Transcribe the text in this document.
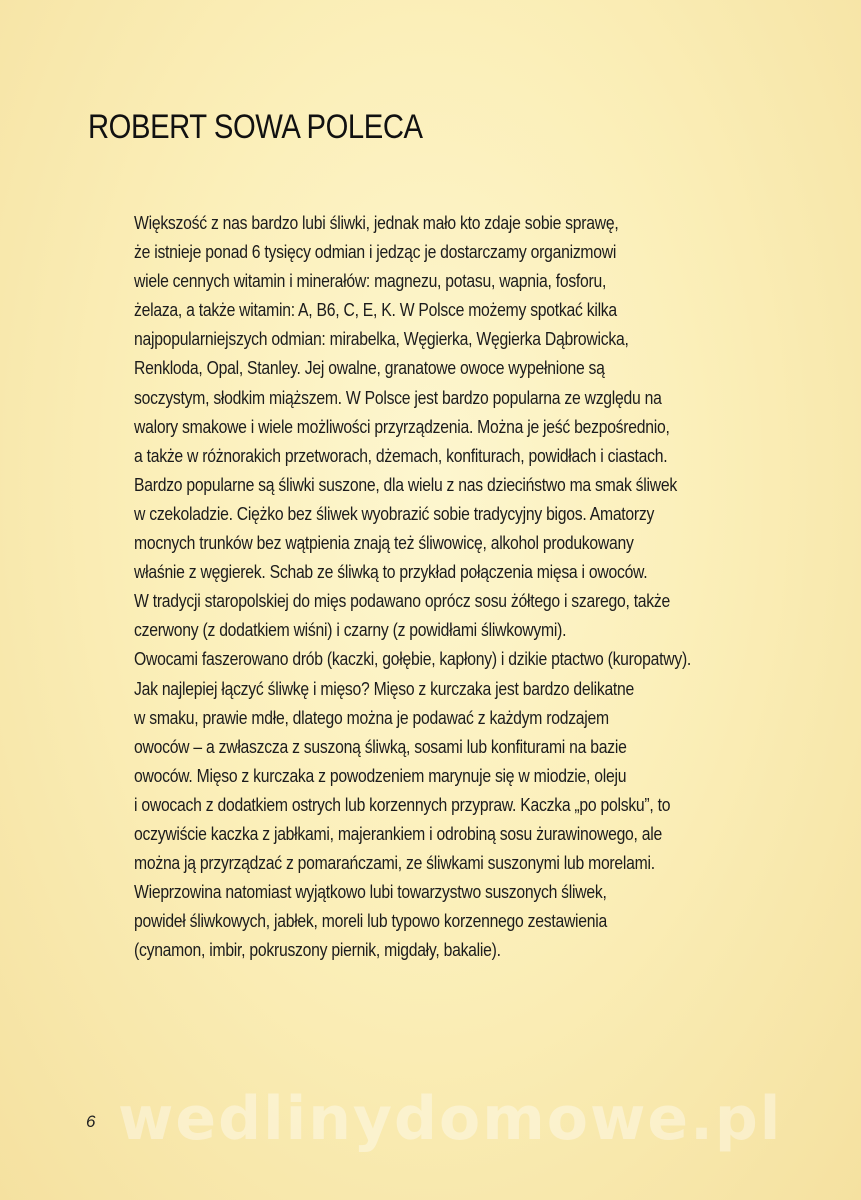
ROBERT SOWA POLECA
Większość z nas bardzo lubi śliwki, jednak mało kto zdaje sobie sprawę,
że istnieje ponad 6 tysięcy odmian i jedząc je dostarczamy organizmowi
wiele cennych witamin i minerałów: magnezu, potasu, wapnia, fosforu,
żelaza, a także witamin: A, B6, C, E, K. W Polsce możemy spotkać kilka
najpopularniejszych odmian: mirabelka, Węgierka, Węgierka Dąbrowicka,
Renkloda, Opal, Stanley. Jej owalne, granatowe owoce wypełnione są
soczystym, słodkim miąższem. W Polsce jest bardzo popularna ze względu na
walory smakowe i wiele możliwości przyrządzenia. Można je jeść bezpośrednio,
a także w różnorakich przetworach, dżemach, konfiturach, powidłach i ciastach.
Bardzo popularne są śliwki suszone, dla wielu z nas dzieciństwo ma smak śliwek
w czekoladzie. Ciężko bez śliwek wyobrazić sobie tradycyjny bigos. Amatorzy
mocnych trunków bez wątpienia znają też śliwowicę, alkohol produkowany
właśnie z węgierek. Schab ze śliwką to przykład połączenia mięsa i owoców.
W tradycji staropolskiej do mięs podawano oprócz sosu żółtego i szarego, także
czerwony (z dodatkiem wiśni) i czarny (z powidłami śliwkowymi).
Owocami faszerowano drób (kaczki, gołębie, kapłony) i dzikie ptactwo (kuropatwy).
Jak najlepiej łączyć śliwkę i mięso? Mięso z kurczaka jest bardzo delikatne
w smaku, prawie mdłe, dlatego można je podawać z każdym rodzajem
owoców – a zwłaszcza z suszoną śliwką, sosami lub konfiturami na bazie
owoców. Mięso z kurczaka z powodzeniem marynuje się w miodzie, oleju
i owocach z dodatkiem ostrych lub korzennych przypraw. Kaczka „po polsku”, to
oczywiście kaczka z jabłkami, majerankiem i odrobiną sosu żurawinowego, ale
można ją przyrządzać z pomarańczami, ze śliwkami suszonymi lub morelami.
Wieprzowina natomiast wyjątkowo lubi towarzystwo suszonych śliwek,
powideł śliwkowych, jabłek, moreli lub typowo korzennego zestawienia
(cynamon, imbir, pokruszony piernik, migdały, bakalie).
wedlinydomowe.pl
6
